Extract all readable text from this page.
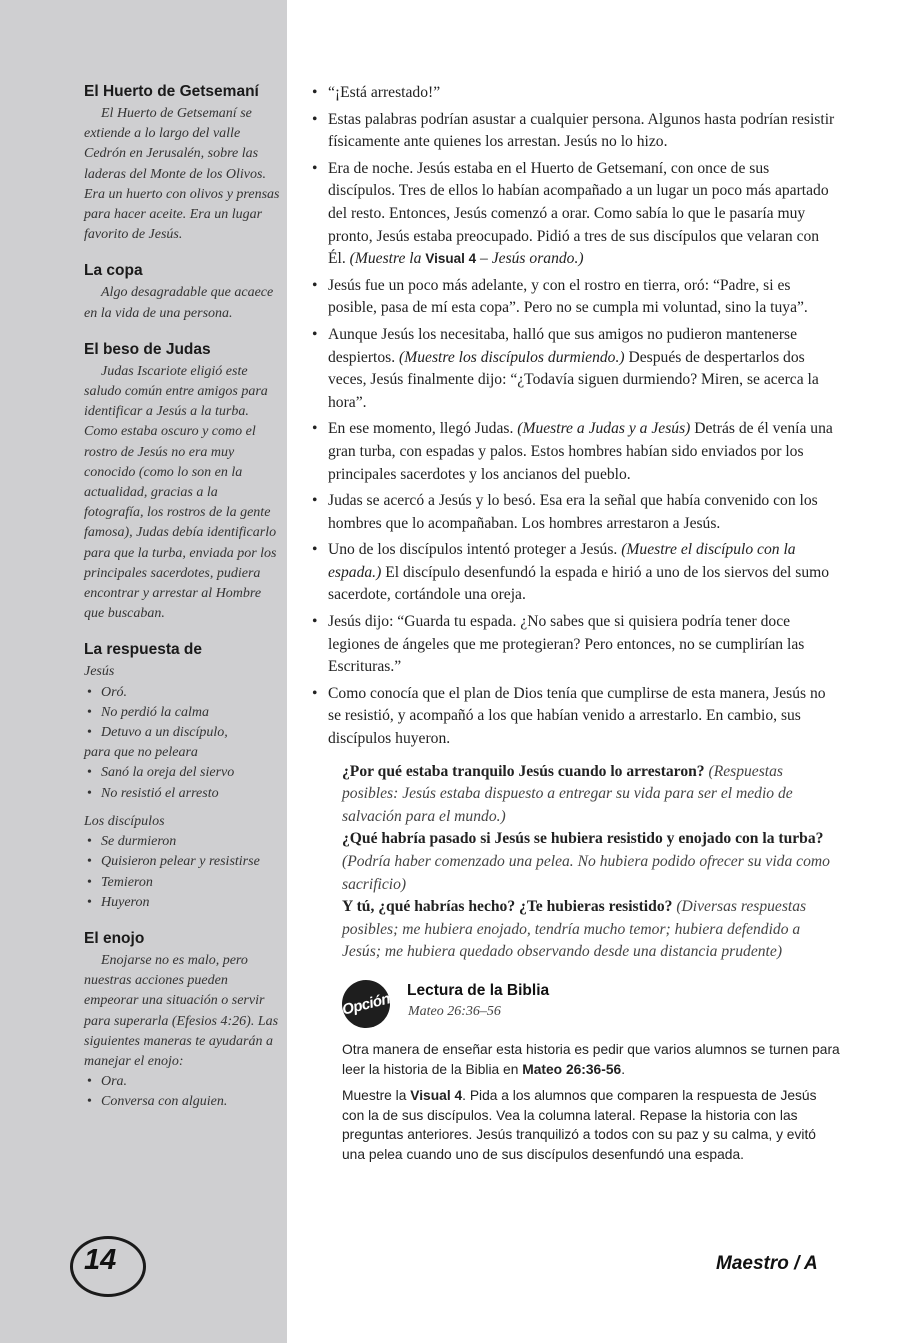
El Huerto de Getsemaní

El Huerto de Getsemaní se extiende a lo largo del valle Cedrón en Jerusalén, sobre las laderas del Monte de los Olivos. Era un huerto con olivos y prensas para hacer aceite. Era un lugar favorito de Jesús.

La copa

Algo desagradable que acaece en la vida de una persona.

El beso de Judas

Judas Iscariote eligió este saludo común entre amigos para identificar a Jesús a la turba. Como estaba oscuro y como el rostro de Jesús no era muy conocido (como lo son en la actualidad, gracias a la fotografía, los rostros de la gente famosa), Judas debía identificarlo para que la turba, enviada por los principales sacerdotes, pudiera encontrar y arrestar al Hombre que buscaban.

La respuesta de

Jesús

• Oró.
• No perdió la calma
• Detuvo a un discípulo,
para que no peleara
• Sanó la oreja del siervo
• No resistió el arresto

Los discípulos

• Se durmieron
• Quisieron pelear y resistirse
• Temieron
• Huyeron
El enojo

Enojarse no es malo, pero nuestras acciones pueden empeorar una situación o servir para superarla (Efesios 4:26). Las siguientes maneras te ayudarán a manejar el enojo:

• Ora.
• Conversa con alguien.
• “¡Está arrestado!”
• Estas palabras podrían asustar a cualquier persona. Algunos hasta podrían resistir físicamente ante quienes los arrestan. Jesús no lo hizo.
• Era de noche. Jesús estaba en el Huerto de Getsemaní, con once de sus discípulos. Tres de ellos lo habían acompañado a un lugar un poco más apartado del resto. Entonces, Jesús comenzó a orar. Como sabía lo que le pasaría muy pronto, Jesús estaba preocupado. Pidió a tres de sus discípulos que velaran con Él. (Muestre la Visual 4 – Jesús orando.)
• Jesús fue un poco más adelante, y con el rostro en tierra, oró: “Padre, si es posible, pasa de mí esta copa”. Pero no se cumpla mi voluntad, sino la tuya”.
• Aunque Jesús los necesitaba, halló que sus amigos no pudieron mantenerse despiertos. (Muestre los discípulos durmiendo.) Después de despertarlos dos veces, Jesús finalmente dijo: “¿Todavía siguen durmiendo? Miren, se acerca la hora”.
• En ese momento, llegó Judas. (Muestre a Judas y a Jesús) Detrás de él venía una gran turba, con espadas y palos. Estos hombres habían sido enviados por los principales sacerdotes y los ancianos del pueblo.
• Judas se acercó a Jesús y lo besó. Esa era la señal que había convenido con los hombres que lo acompañaban. Los hombres arrestaron a Jesús.
• Uno de los discípulos intentó proteger a Jesús. (Muestre el discípulo con la espada.) El discípulo desenfundó la espada e hirió a uno de los siervos del sumo sacerdote, cortándole una oreja.
• Jesús dijo: “Guarda tu espada. ¿No sabes que si quisiera podría tener doce legiones de ángeles que me protegieran? Pero entonces, no se cumplirían las Escrituras.”
• Como conocía que el plan de Dios tenía que cumplirse de esta manera, Jesús no se resistió, y acompañó a los que habían venido a arrestarlo. En cambio, sus discípulos huyeron.
¿Por qué estaba tranquilo Jesús cuando lo arrestaron? (Respuestas posibles: Jesús estaba dispuesto a entregar su vida para ser el medio de salvación para el mundo.)
¿Qué habría pasado si Jesús se hubiera resistido y enojado con la turba? (Podría haber comenzado una pelea. No hubiera podido ofrecer su vida como sacrificio)
Y tú, ¿qué habrías hecho? ¿Te hubieras resistido? (Diversas respuestas posibles; me hubiera enojado, tendría mucho temor; hubiera defendido a Jesús; me hubiera quedado observando desde una distancia prudente)
Opción Lectura de la Biblia
Mateo 26:36–56

Otra manera de enseñar esta historia es pedir que varios alumnos se turnen para leer la historia de la Biblia en Mateo 26:36-56.

Muestre la Visual 4. Pida a los alumnos que comparen la respuesta de Jesús con la de sus discípulos. Vea la columna lateral. Repase la historia con las preguntas anteriores. Jesús tranquilizó a todos con su paz y su calma, y evitó una pelea cuando uno de sus discípulos desenfundó una espada.

14	Maestro / A
